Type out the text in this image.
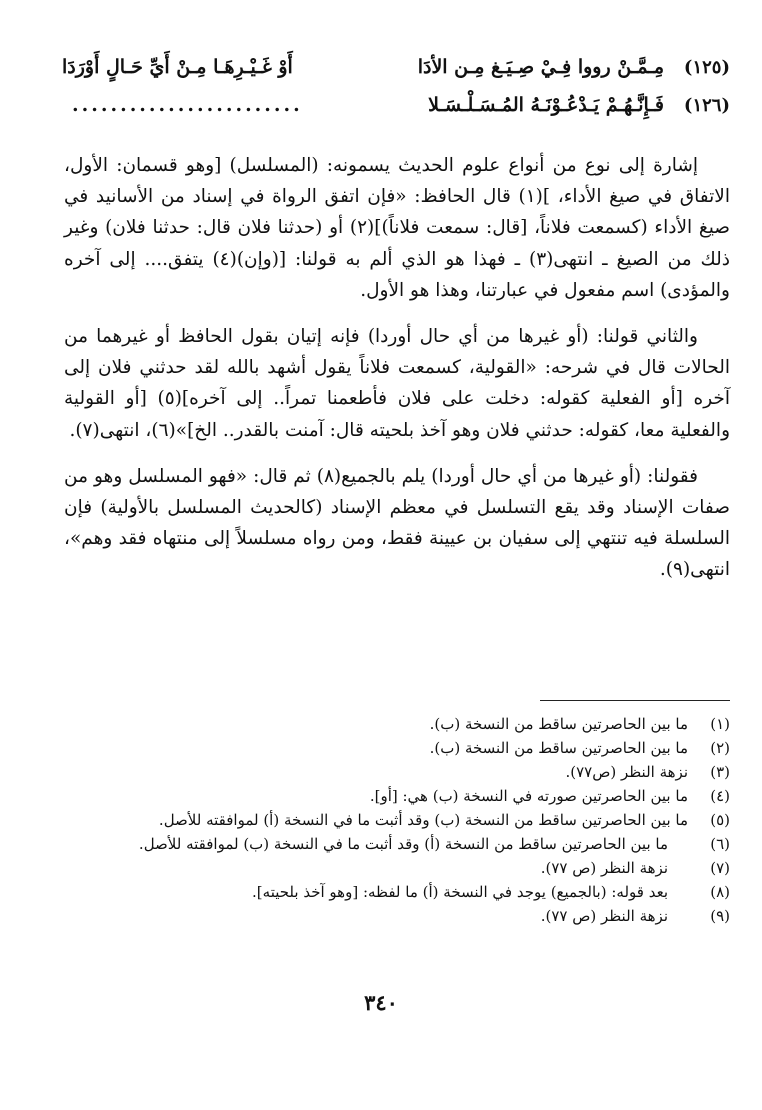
(١٢٥)
مِـمَّـنْ رووا فِـيْ صِـيَـغ مِـن الأدَا
أَوْ غَـيْـرِهَـا مِـنْ أَيِّ حَـالٍ أَوْرَدَا
(١٢٦)
فَـإِنَّـهُـمْ يَـدْعُـوْنَـهُ المُـسَـلْـسَـلا
........................

إشارة إلى نوع من أنواع علوم الحديث يسمونه: (المسلسل) [وهو قسمان: الأول، الاتفاق في صيغ الأداء، ](١) قال الحافظ: «فإن اتفق الرواة في إسناد من الأسانيد في صيغ الأداء (كسمعت فلاناً، [قال: سمعت فلاناً)](٢) أو (حدثنا فلان قال: حدثنا فلان) وغير ذلك من الصيغ ـ انتهى(٣) ـ فهذا هو الذي ألم به قولنا: [(وإن)(٤) يتفق.... إلى آخره والمؤدى) اسم مفعول في عبارتنا، وهذا هو الأول.

والثاني قولنا: (أو غيرها من أي حال أوردا) فإنه إتيان بقول الحافظ أو غيرهما من الحالات قال في شرحه: «القولية، كسمعت فلاناً يقول أشهد بالله لقد حدثني فلان إلى آخره [أو الفعلية كقوله: دخلت على فلان فأطعمنا تمراً.. إلى آخره](٥) [أو القولية والفعلية معا، كقوله: حدثني فلان وهو آخذ بلحيته قال: آمنت بالقدر.. الخ]»(٦)، انتهى(٧).

فقولنا: (أو غيرها من أي حال أوردا) يلم بالجميع(٨) ثم قال: «فهو المسلسل وهو من صفات الإسناد وقد يقع التسلسل في معظم الإسناد (كالحديث المسلسل بالأولية) فإن السلسلة فيه تنتهي إلى سفيان بن عيينة فقط، ومن رواه مسلسلاً إلى منتهاه فقد وهم»، انتهى(٩).

(١)
ما بين الحاصرتين ساقط من النسخة (ب).
(٢)
ما بين الحاصرتين ساقط من النسخة (ب).
(٣)
نزهة النظر (ص٧٧).
(٤)
ما بين الحاصرتين صورته في النسخة (ب) هي: [أو].
(٥)
ما بين الحاصرتين ساقط من النسخة (ب) وقد أثبت ما في النسخة (أ) لموافقته للأصل.
(٦)
ما بين الحاصرتين ساقط من النسخة (أ) وقد أثبت ما في النسخة (ب) لموافقته للأصل.
(٧)
نزهة النظر (ص ٧٧).
(٨)
بعد قوله: (بالجميع) يوجد في النسخة (أ) ما لفظه: [وهو آخذ بلحيته].
(٩)
نزهة النظر (ص ٧٧).
٣٤٠
